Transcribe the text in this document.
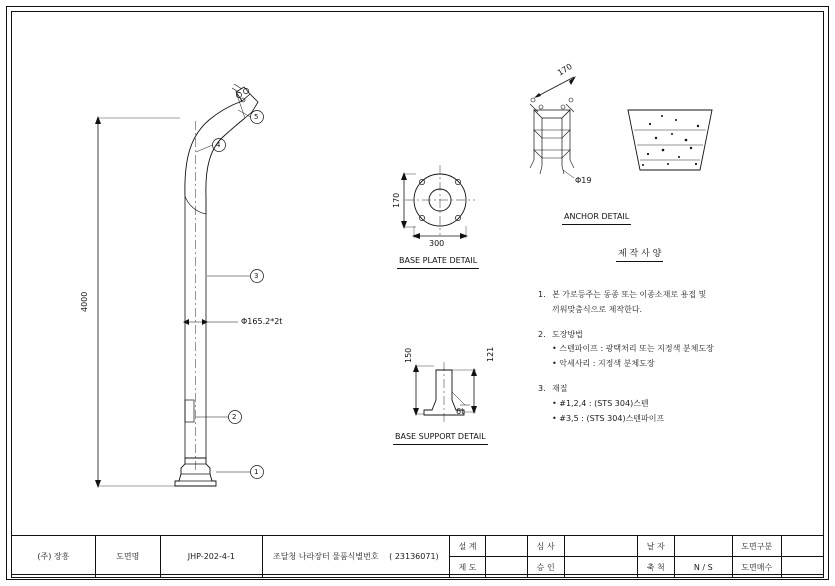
4000
Φ165.2*2t
1
2
3
4
5
170
300
BASE PLATE DETAIL
150	121
6t
BASE SUPPORT DETAIL
170
Φ19
ANCHOR DETAIL
제 작 사 양
1. 본 가로등주는 동종 또는 이종소재로 용접 및
끼워맞춤식으로 제작한다.

2. 도장방법
• 스텐파이프 : 광택처리 또는 지정색 분체도장
• 악세사리 : 지정색 분체도장

3. 재질
• #1,2,4 : (STS 304)스텐
• #3,5 : (STS 304)스텐파이프
(주) 장흥	도면명	JHP-202-4-1	조달청 나라장터 물품식별번호 ( 23136071)	설 계		심 사		날 자		도면구분	
				제 도		승 인		축 척	N / S	도면매수	
